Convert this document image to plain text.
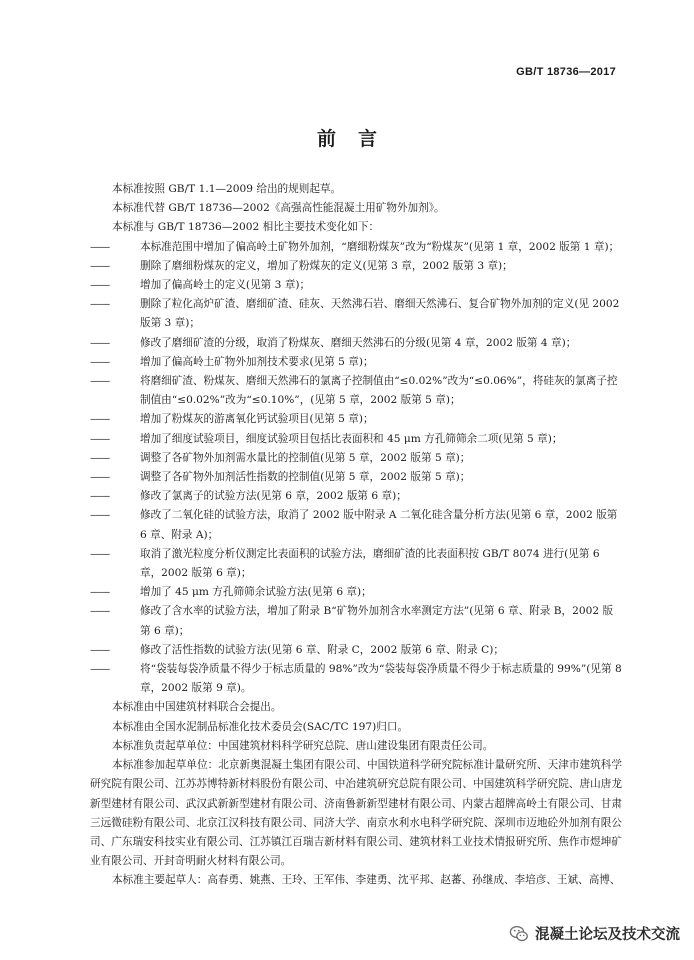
GB/T 18736—2017
前言

本标准按照 GB/T 1.1—2009 给出的规则起草。

本标准代替 GB/T 18736—2002《高强高性能混凝土用矿物外加剂》。

本标准与 GB/T 18736—2002 相比主要技术变化如下：

——	本标准范围中增加了偏高岭土矿物外加剂，“磨细粉煤灰”改为“粉煤灰”(见第 1 章，2002 版第 1 章)；
——	删除了磨细粉煤灰的定义，增加了粉煤灰的定义(见第 3 章，2002 版第 3 章)；
——	增加了偏高岭土的定义(见第 3 章)；
——	删除了粒化高炉矿渣、磨细矿渣、硅灰、天然沸石岩、磨细天然沸石、复合矿物外加剂的定义(见 2002 版第 3 章)；
——	修改了磨细矿渣的分级，取消了粉煤灰、磨细天然沸石的分级(见第 4 章，2002 版第 4 章)；
——	增加了偏高岭土矿物外加剂技术要求(见第 5 章)；
——	将磨细矿渣、粉煤灰、磨细天然沸石的氯离子控制值由“≤0.02%”改为“≤0.06%”，将硅灰的氯离子控制值由“≤0.02%”改为“≤0.10%”，(见第 5 章，2002 版第 5 章)；
——	增加了粉煤灰的游离氧化钙试验项目(见第 5 章)；
——	增加了细度试验项目，细度试验项目包括比表面积和 45 μm 方孔筛筛余二项(见第 5 章)；
——	调整了各矿物外加剂需水量比的控制值(见第 5 章，2002 版第 5 章)；
——	调整了各矿物外加剂活性指数的控制值(见第 5 章，2002 版第 5 章)；
——	修改了氯离子的试验方法(见第 6 章，2002 版第 6 章)；
——	修改了二氧化硅的试验方法，取消了 2002 版中附录 A 二氧化硅含量分析方法(见第 6 章，2002 版第 6 章、附录 A)；
——	取消了激光粒度分析仪测定比表面积的试验方法，磨细矿渣的比表面积按 GB/T 8074 进行(见第 6 章，2002 版第 6 章)；
——	增加了 45 μm 方孔筛筛余试验方法(见第 6 章)；
——	修改了含水率的试验方法，增加了附录 B“矿物外加剂含水率测定方法”(见第 6 章、附录 B，2002 版第 6 章)；
——	修改了活性指数的试验方法(见第 6 章、附录 C，2002 版第 6 章、附录 C)；
——	将“袋装每袋净质量不得少于标志质量的 98%”改为“袋装每袋净质量不得少于标志质量的 99%”(见第 8 章，2002 版第 9 章)。

本标准由中国建筑材料联合会提出。

本标准由全国水泥制品标准化技术委员会(SAC/TC 197)归口。

本标准负责起草单位：中国建筑材料科学研究总院、唐山建设集团有限责任公司。

本标准参加起草单位：北京新奥混凝土集团有限公司、中国铁道科学研究院标准计量研究所、天津市建筑科学研究院有限公司、江苏苏博特新材料股份有限公司、中冶建筑研究总院有限公司、中国建筑科学研究院、唐山唐龙新型建材有限公司、武汉武新新型建材有限公司、济南鲁新新型建材有限公司、内蒙古超牌高岭土有限公司、甘肃三远微硅粉有限公司、北京江汉科技有限公司、同济大学、南京水利水电科学研究院、深圳市迈地砼外加剂有限公司、广东瑞安科技实业有限公司、江苏镇江百瑞吉新材料有限公司、建筑材料工业技术情报研究所、焦作市煜坤矿业有限公司、开封奇明耐火材料有限公司。

本标准主要起草人：高春勇、姚燕、王玲、王军伟、李建勇、沈平邦、赵蕃、孙继成、李培彦、王斌、高博、

混凝土论坛及技术交流
